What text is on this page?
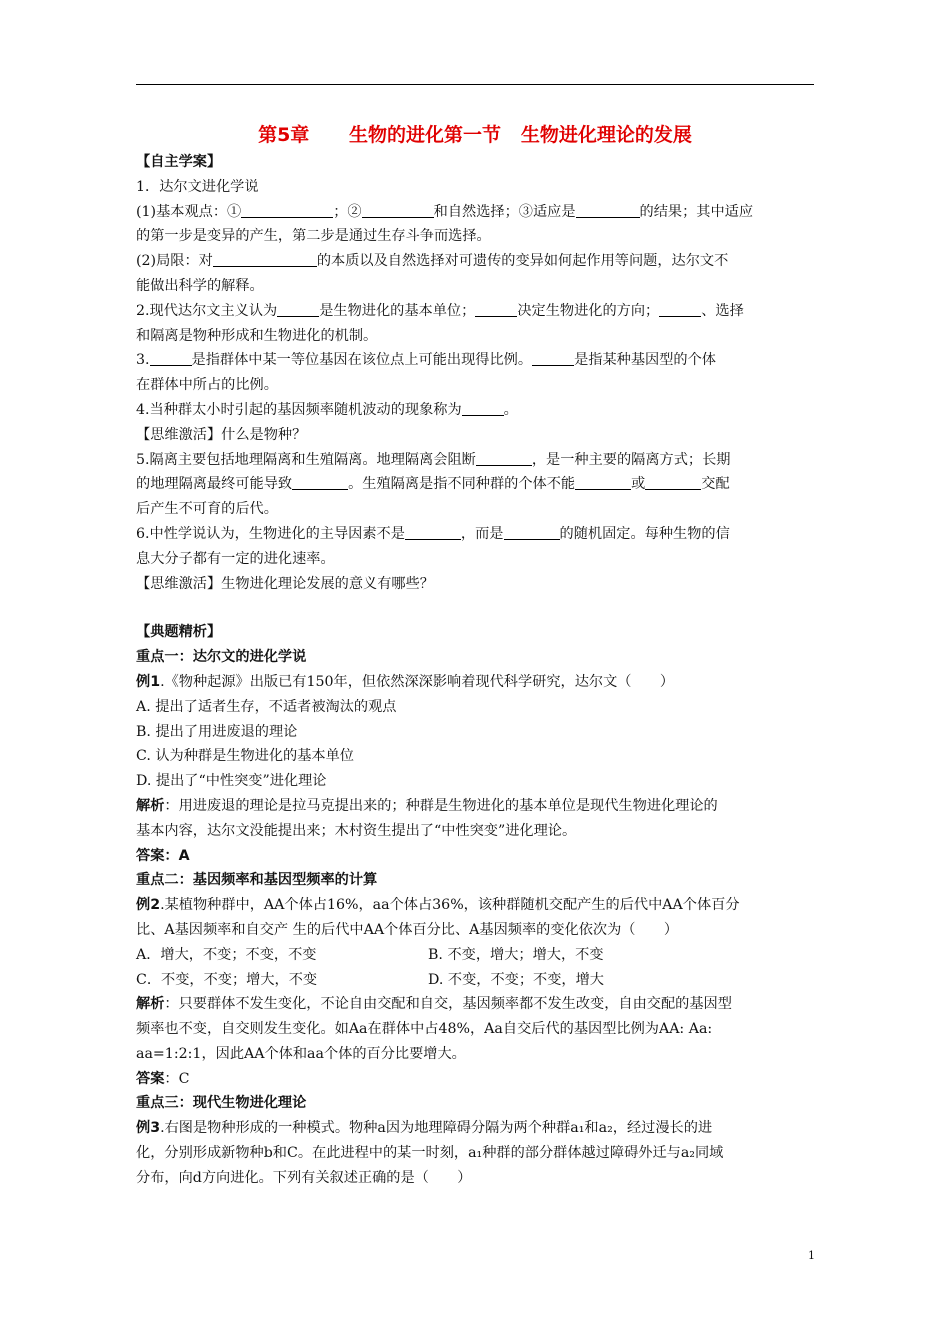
第5章 生物的进化第一节 生物进化理论的发展

【自主学案】

1．达尔文进化学说

(1)基本观点：①	；②	和自然选择；③适应是	的结果；其中适应

的第一步是变异的产生，第二步是通过生存斗争而选择。

(2)局限：对	的本质以及自然选择对可遗传的变异如何起作用等问题，达尔文不

能做出科学的解释。

2.现代达尔文主义认为	是生物进化的基本单位；	决定生物进化的方向；	、选择

和隔离是物种形成和生物进化的机制。

3.	是指群体中某一等位基因在该位点上可能出现得比例。	是指某种基因型的个体

在群体中所占的比例。

4.当种群太小时引起的基因频率随机波动的现象称为	。

【思维激活】什么是物种？

5.隔离主要包括地理隔离和生殖隔离。地理隔离会阻断	，是一种主要的隔离方式；长期

的地理隔离最终可能导致	。生殖隔离是指不同种群的个体不能	或	交配

后产生不可育的后代。

6.中性学说认为，生物进化的主导因素不是	，而是	的随机固定。每种生物的信

息大分子都有一定的进化速率。

【思维激活】生物进化理论发展的意义有哪些？

【典题精析】

重点一：达尔文的进化学说

例1.《物种起源》出版已有150年，但依然深深影响着现代科学研究，达尔文（　　）

A. 提出了适者生存，不适者被淘汰的观点

B. 提出了用进废退的理论

C. 认为种群是生物进化的基本单位

D. 提出了“中性突变”进化理论

解析：用进废退的理论是拉马克提出来的；种群是生物进化的基本单位是现代生物进化理论的

基本内容，达尔文没能提出来；木村资生提出了“中性突变”进化理论。

答案：A

重点二：基因频率和基因型频率的计算

例2.某植物种群中，AA个体占16%，aa个体占36%，该种群随机交配产生的后代中AA个体百分

比、A基因频率和自交产 生的后代中AA个体百分比、A基因频率的变化依次为（　　）

A．增大，不变；不变，不变	B. 不变，增大；增大，不变

C．不变，不变；增大，不变	D. 不变，不变；不变，增大

解析：只要群体不发生变化，不论自由交配和自交，基因频率都不发生改变，自由交配的基因型

频率也不变，自交则发生变化。如Aa在群体中占48%，Aa自交后代的基因型比例为AA: Aa:

aa=1:2:1，因此AA个体和aa个体的百分比要增大。

答案：C

重点三：现代生物进化理论

例3.右图是物种形成的一种模式。物种a因为地理障碍分隔为两个种群a₁和a₂，经过漫长的进

化，分别形成新物种b和C。在此进程中的某一时刻，a₁种群的部分群体越过障碍外迁与a₂同域

分布，向d方向进化。下列有关叙述正确的是（　　）

1
